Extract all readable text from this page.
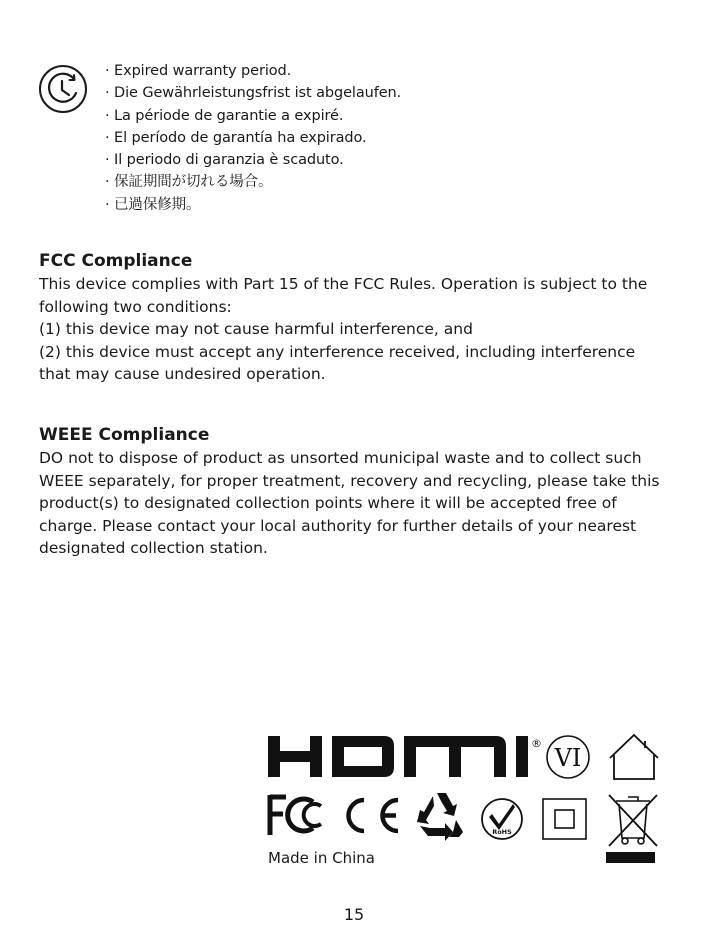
· Expired warranty period.
· Die Gewährleistungsfrist ist abgelaufen.
· La période de garantie a expiré.
· El período de garantía ha expirado.
· Il periodo di garanzia è scaduto.
· 保証期間が切れる場合。
· 已過保修期。
FCC Compliance

This device complies with Part 15 of the FCC Rules. Operation is subject to the

following two conditions:

(1) this device may not cause harmful interference, and

(2) this device must accept any interference received, including interference

that may cause undesired operation.

WEEE Compliance

DO not to dispose of product as unsorted municipal waste and to collect such

WEEE separately, for proper treatment, recovery and recycling, please take this

product(s) to designated collection points where it will be accepted free of

charge. Please contact your local authority for further details of your nearest

designated collection station.

®
VI
RoHS
Made in China
15
